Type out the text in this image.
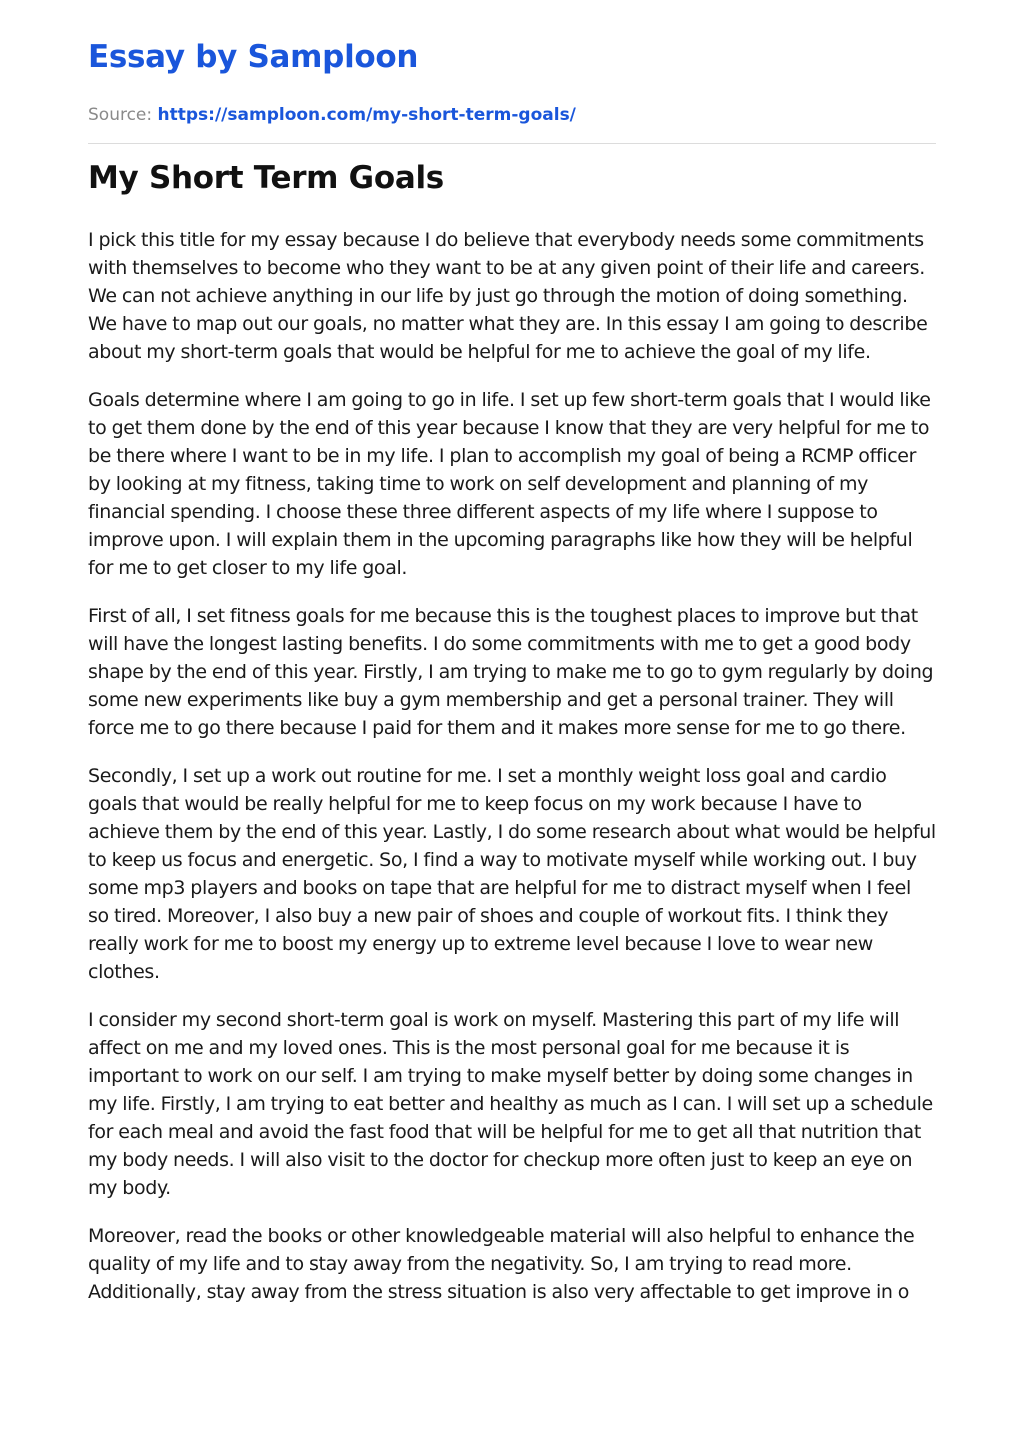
Essay by Samploon
Source: https://samploon.com/my-short-term-goals/
My Short Term Goals

I pick this title for my essay because I do believe that everybody needs some commitments with themselves to become who they want to be at any given point of their life and careers. We can not achieve anything in our life by just go through the motion of doing something. We have to map out our goals, no matter what they are. In this essay I am going to describe about my short-term goals that would be helpful for me to achieve the goal of my life.

Goals determine where I am going to go in life. I set up few short-term goals that I would like to get them done by the end of this year because I know that they are very helpful for me to be there where I want to be in my life. I plan to accomplish my goal of being a RCMP officer by looking at my fitness, taking time to work on self development and planning of my financial spending. I choose these three different aspects of my life where I suppose to improve upon. I will explain them in the upcoming paragraphs like how they will be helpful for me to get closer to my life goal.

First of all, I set fitness goals for me because this is the toughest places to improve but that will have the longest lasting benefits. I do some commitments with me to get a good body shape by the end of this year. Firstly, I am trying to make me to go to gym regularly by doing some new experiments like buy a gym membership and get a personal trainer. They will force me to go there because I paid for them and it makes more sense for me to go there.

Secondly, I set up a work out routine for me. I set a monthly weight loss goal and cardio goals that would be really helpful for me to keep focus on my work because I have to achieve them by the end of this year. Lastly, I do some research about what would be helpful to keep us focus and energetic. So, I find a way to motivate myself while working out. I buy some mp3 players and books on tape that are helpful for me to distract myself when I feel so tired. Moreover, I also buy a new pair of shoes and couple of workout fits. I think they really work for me to boost my energy up to extreme level because I love to wear new clothes.

I consider my second short-term goal is work on myself. Mastering this part of my life will affect on me and my loved ones. This is the most personal goal for me because it is important to work on our self. I am trying to make myself better by doing some changes in my life. Firstly, I am trying to eat better and healthy as much as I can. I will set up a schedule for each meal and avoid the fast food that will be helpful for me to get all that nutrition that my body needs. I will also visit to the doctor for checkup more often just to keep an eye on my body.

Moreover, read the books or other knowledgeable material will also helpful to enhance the quality of my life and to stay away from the negativity. So, I am trying to read more. Additionally, stay away from the stress situation is also very affectable to get improve in o
